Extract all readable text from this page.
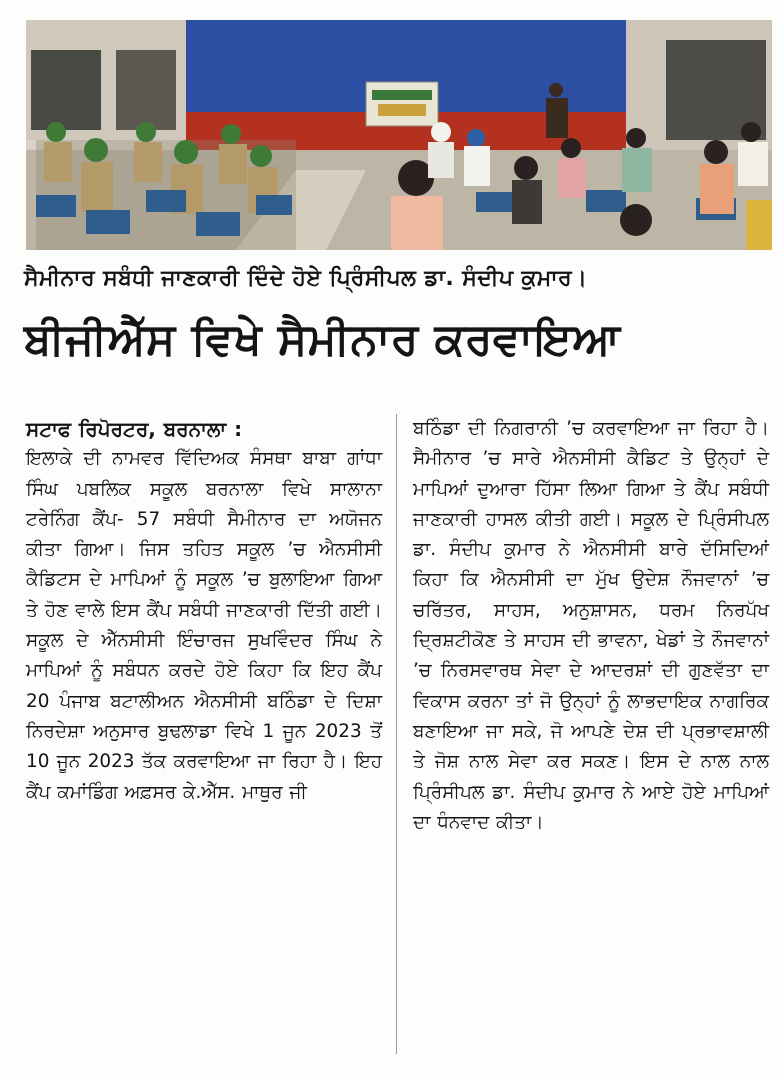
ਸੈਮੀਨਾਰ ਸਬੰਧੀ ਜਾਣਕਾਰੀ ਦਿੰਦੇ ਹੋਏ ਪ੍ਰਿੰਸੀਪਲ ਡਾ. ਸੰਦੀਪ ਕੁਮਾਰ।
ਬੀਜੀਐੱਸ ਵਿਖੇ ਸੈਮੀਨਾਰ ਕਰਵਾਇਆ
ਸਟਾਫ ਰਿਪੋਰਟਰ, ਬਰਨਾਲਾ :

ਇਲਾਕੇ ਦੀ ਨਾਮਵਰ ਵਿੱਦਿਅਕ ਸੰਸਥਾ ਬਾਬਾ ਗਾਂਧਾ ਸਿੰਘ ਪਬਲਿਕ ਸਕੂਲ ਬਰਨਾਲਾ ਵਿਖੇ ਸਾਲਾਨਾ ਟਰੇਨਿੰਗ ਕੈਂਪ- 57 ਸਬੰਧੀ ਸੈਮੀਨਾਰ ਦਾ ਅਯੋਜਨ ਕੀਤਾ ਗਿਆ। ਜਿਸ ਤਹਿਤ ਸਕੂਲ ’ਚ ਐਨਸੀਸੀ ਕੈਡਿਟਸ ਦੇ ਮਾਪਿਆਂ ਨੂੰ ਸਕੂਲ ’ਚ ਬੁਲਾਇਆ ਗਿਆ ਤੇ ਹੋਣ ਵਾਲੇ ਇਸ ਕੈਂਪ ਸਬੰਧੀ ਜਾਣਕਾਰੀ ਦਿੱਤੀ ਗਈ। ਸਕੂਲ ਦੇ ਐੱਨਸੀਸੀ ਇੰਚਾਰਜ ਸੁਖਵਿੰਦਰ ਸਿੰਘ ਨੇ ਮਾਪਿਆਂ ਨੂੰ ਸਬੰਧਨ ਕਰਦੇ ਹੋਏ ਕਿਹਾ ਕਿ ਇਹ ਕੈਂਪ 20 ਪੰਜਾਬ ਬਟਾਲੀਅਨ ਐਨਸੀਸੀ ਬਠਿੰਡਾ ਦੇ ਦਿਸ਼ਾ ਨਿਰਦੇਸ਼ਾ ਅਨੁਸਾਰ ਬੁਢਲਾਡਾ ਵਿਖੇ 1 ਜੂਨ 2023 ਤੋਂ 10 ਜੂਨ 2023 ਤੱਕ ਕਰਵਾਇਆ ਜਾ ਰਿਹਾ ਹੈ। ਇਹ ਕੈਂਪ ਕਮਾਂਡਿੰਗ ਅਫ਼ਸਰ ਕੇ.ਐੱਸ. ਮਾਥੁਰ ਜੀ

ਬਠਿੰਡਾ ਦੀ ਨਿਗਰਾਨੀ ’ਚ ਕਰਵਾਇਆ ਜਾ ਰਿਹਾ ਹੈ। ਸੈਮੀਨਾਰ ’ਚ ਸਾਰੇ ਐਨਸੀਸੀ ਕੈਡਿਟ ਤੇ ਉਨ੍ਹਾਂ ਦੇ ਮਾਪਿਆਂ ਦੁਆਰਾ ਹਿੱਸਾ ਲਿਆ ਗਿਆ ਤੇ ਕੈਂਪ ਸਬੰਧੀ ਜਾਣਕਾਰੀ ਹਾਸਲ ਕੀਤੀ ਗਈ। ਸਕੂਲ ਦੇ ਪ੍ਰਿੰਸੀਪਲ ਡਾ. ਸੰਦੀਪ ਕੁਮਾਰ ਨੇ ਐਨਸੀਸੀ ਬਾਰੇ ਦੱਸਿਦਿਆਂ ਕਿਹਾ ਕਿ ਐਨਸੀਸੀ ਦਾ ਮੁੱਖ ਉਦੇਸ਼ ਨੌਜਵਾਨਾਂ ’ਚ ਚਰਿੱਤਰ, ਸਾਹਸ, ਅਨੁਸ਼ਾਸਨ, ਧਰਮ ਨਿਰਪੱਖ ਦ੍ਰਿਸ਼ਟੀਕੋਣ ਤੇ ਸਾਹਸ ਦੀ ਭਾਵਨਾ, ਖੇਡਾਂ ਤੇ ਨੌਜਵਾਨਾਂ ’ਚ ਨਿਰਸਵਾਰਥ ਸੇਵਾ ਦੇ ਆਦਰਸ਼ਾਂ ਦੀ ਗੁਣਵੱਤਾ ਦਾ ਵਿਕਾਸ ਕਰਨਾ ਤਾਂ ਜੋ ਉਨ੍ਹਾਂ ਨੂੰ ਲਾਭਦਾਇਕ ਨਾਗਰਿਕ ਬਣਾਇਆ ਜਾ ਸਕੇ, ਜੋ ਆਪਣੇ ਦੇਸ਼ ਦੀ ਪ੍ਰਭਾਵਸ਼ਾਲੀ ਤੇ ਜੋਸ਼ ਨਾਲ ਸੇਵਾ ਕਰ ਸਕਣ। ਇਸ ਦੇ ਨਾਲ ਨਾਲ ਪ੍ਰਿੰਸੀਪਲ ਡਾ. ਸੰਦੀਪ ਕੁਮਾਰ ਨੇ ਆਏ ਹੋਏ ਮਾਪਿਆਂ ਦਾ ਧੰਨਵਾਦ ਕੀਤਾ।
